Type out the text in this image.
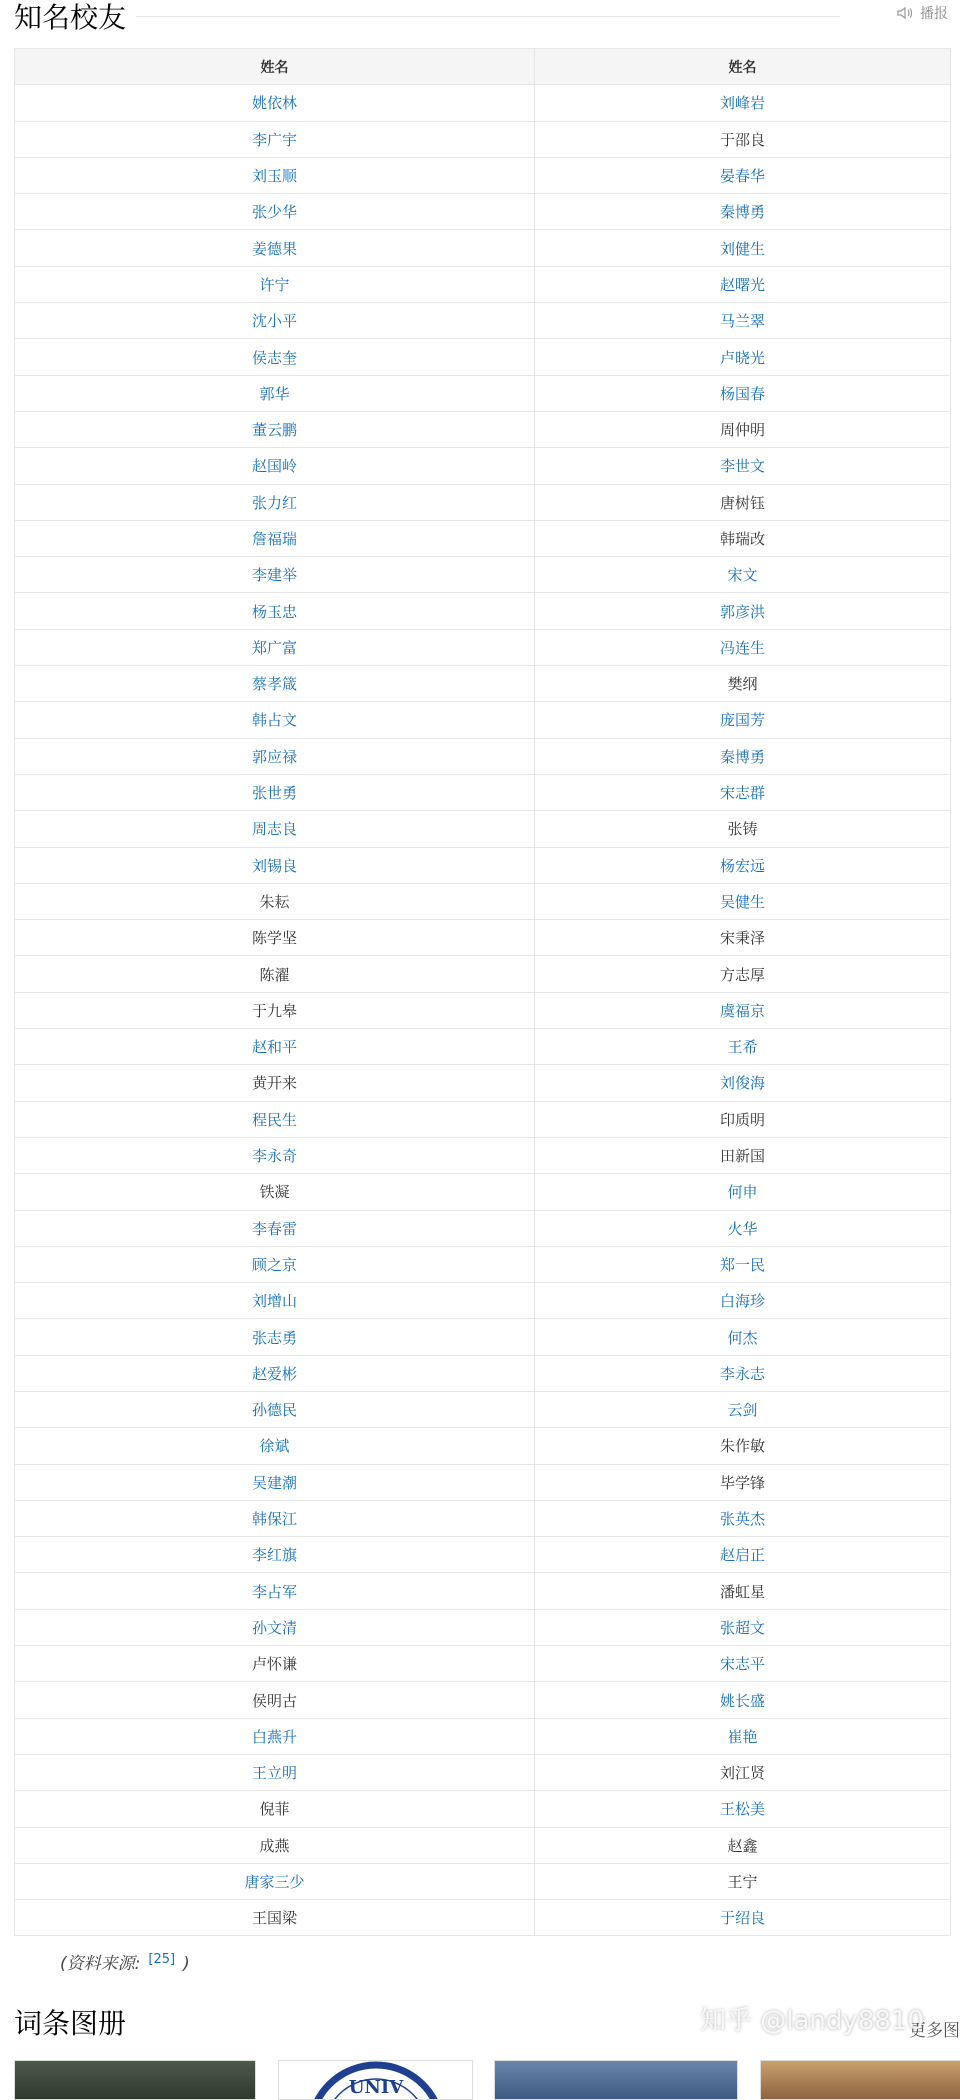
知名校友	播报
姓名	姓名
姚依林	刘峰岩
李广宇	于邵良
刘玉顺	晏春华
张少华	秦博勇
姜德果	刘健生
许宁	赵曙光
沈小平	马兰翠
侯志奎	卢晓光
郭华	杨国春
董云鹏	周仲明
赵国岭	李世文
张力红	唐树钰
詹福瑞	韩瑞改
李建举	宋文
杨玉忠	郭彦洪
郑广富	冯连生
蔡孝箴	樊纲
韩占文	庞国芳
郭应禄	秦博勇
张世勇	宋志群
周志良	张铸
刘锡良	杨宏远
朱耘	吴健生
陈学坚	宋秉泽
陈濯	方志厚
于九皋	虞福京
赵和平	王希
黄开来	刘俊海
程民生	印质明
李永奇	田新国
铁凝	何申
李春雷	火华
顾之京	郑一民
刘增山	白海珍
张志勇	何杰
赵爱彬	李永志
孙德民	云剑
徐斌	朱作敏
吴建潮	毕学锋
韩保江	张英杰
李红旗	赵启正
李占军	潘虹星
孙文清	张超文
卢怀谦	宋志平
侯明古	姚长盛
白燕升	崔艳
王立明	刘江贤
倪菲	王松美
成燕	赵鑫
唐家三少	王宁
王国梁	于绍良
(资料来源: [25] )
词条图册	更多图
UNIV
知乎 @landy8810
